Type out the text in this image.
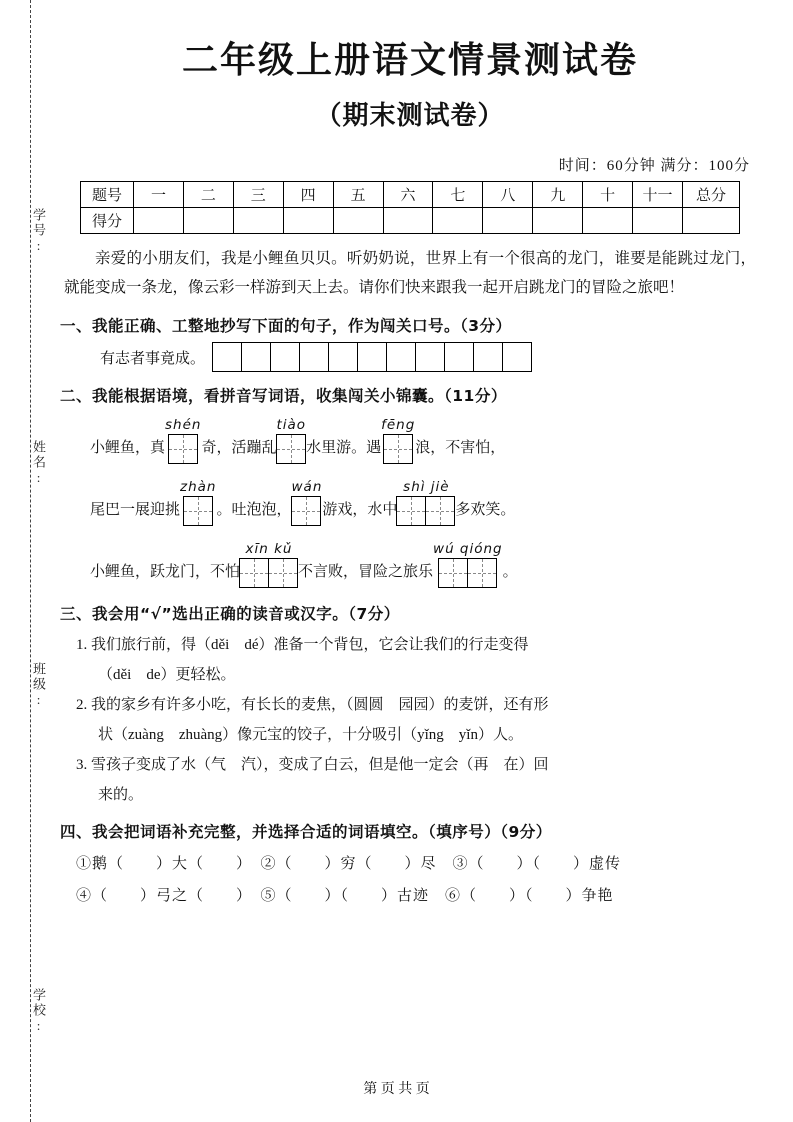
学号:
姓名:
班级:
学校:
二年级上册语文情景测试卷
（期末测试卷）
时间：60分钟 满分：100分
题号	一	二	三	四	五	六	七	八	九	十	十一	总分
得分												

亲爱的小朋友们，我是小鲤鱼贝贝。听奶奶说，世界上有一个很高的龙门，谁要是能跳过龙门，就能变成一条龙，像云彩一样游到天上去。请你们快来跟我一起开启跳龙门的冒险之旅吧！

一、我能正确、工整地抄写下面的句子，作为闯关口号。（3分）
有志者事竟成。
二、我能根据语境，看拼音写词语，收集闯关小锦囊。（11分）

小鲤鱼，真
shén

奇，活蹦乱
tiào

水里游。遇
fēng

浪，不害怕，

尾巴一展迎挑
zhàn

。吐泡泡，
wán

游戏，水中
shì jiè

多欢笑。

小鲤鱼，跃龙门，不怕
xīn kǔ

不言败，冒险之旅乐
wú qióng

。
三、我会用“√”选出正确的读音或汉字。（7分）
1. 我们旅行前，得（děi　dé）准备一个背包，它会让我们的行走变得
（děi　de）更轻松。
2. 我的家乡有许多小吃，有长长的麦焦，（圆圆　园园）的麦饼，还有形
状（zuàng　zhuàng）像元宝的饺子，十分吸引（yǐng　yǐn）人。
3. 雪孩子变成了水（气　汽），变成了白云，但是他一定会（再　在）回
来的。
四、我会把词语补充完整，并选择合适的词语填空。（填序号）（9分）
①鹅（　　）大（　　）　②（　　）穷（　　）尽　③（　　）（　　）虚传
④（　　）弓之（　　）　⑤（　　）（　　）古迹　⑥（　　）（　　）争艳
第 页 共 页
